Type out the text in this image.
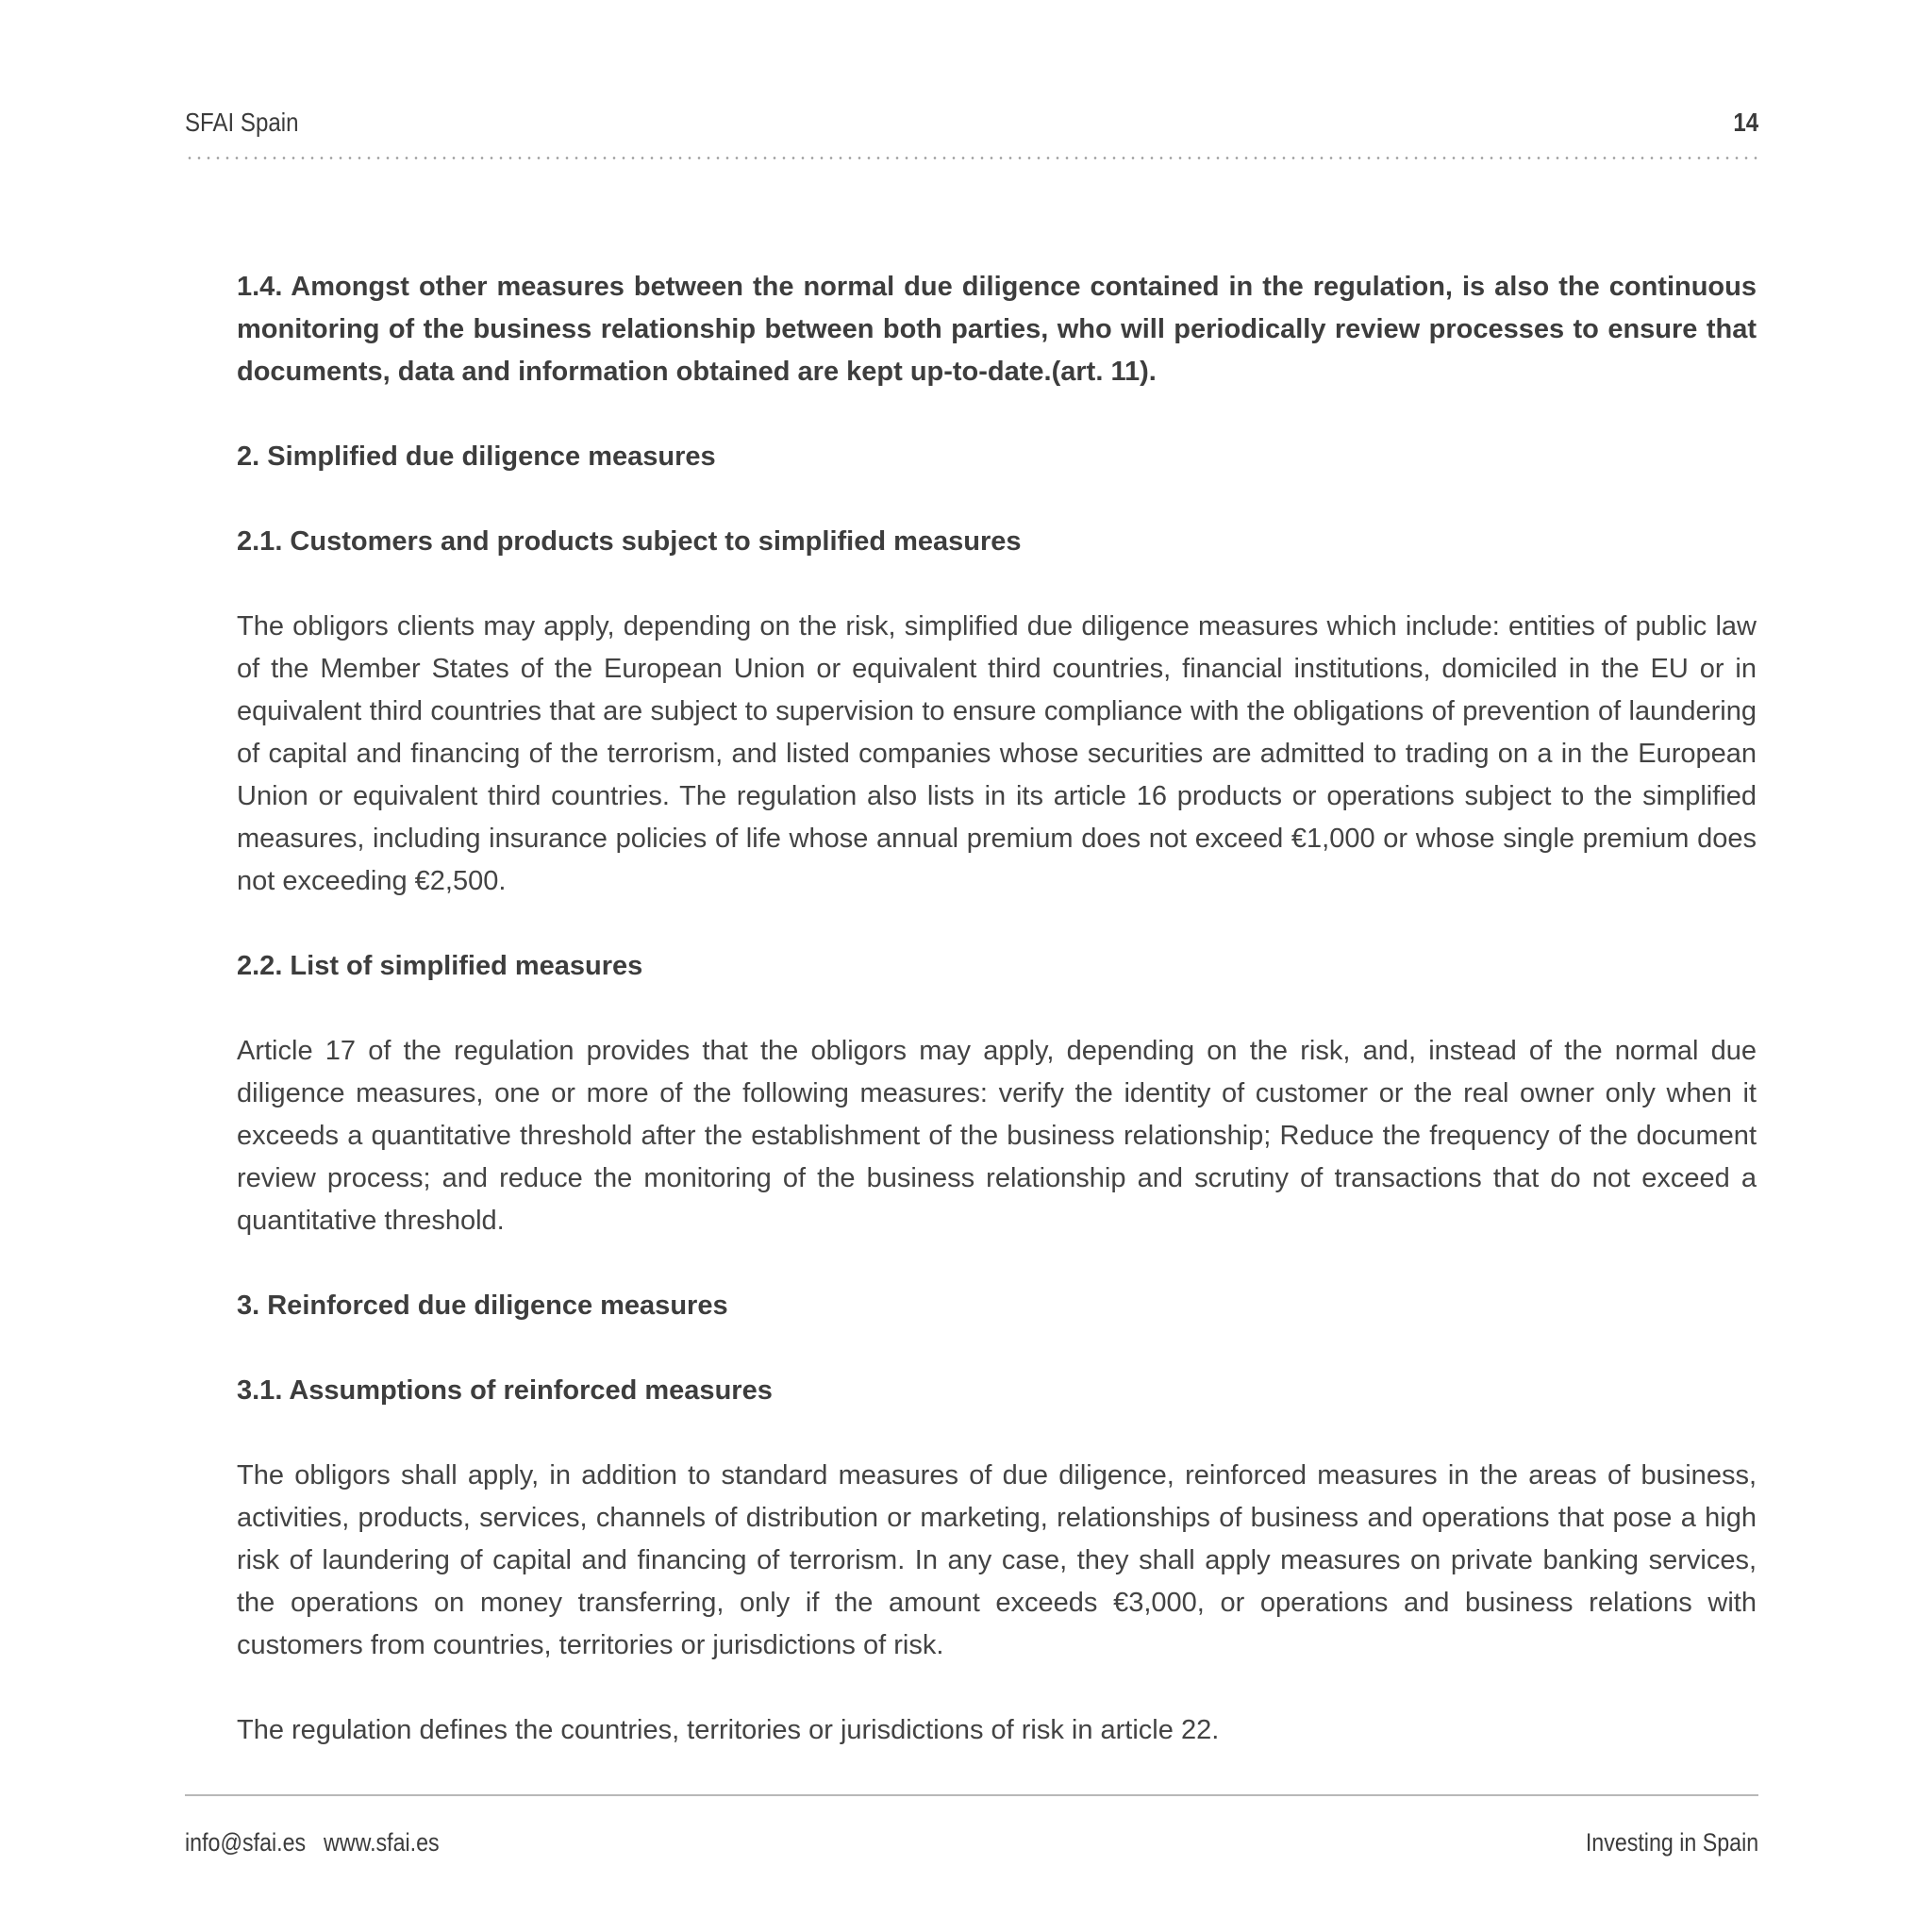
SFAI Spain	14

1.4. Amongst other measures between the normal due diligence contained in the regulation, is also the continuous monitoring of the business relationship between both parties, who will periodically review processes to ensure that documents, data and information obtained are kept up-to-date.(art. 11).

2. Simplified due diligence measures

2.1. Customers and products subject to simplified measures

The obligors clients may apply, depending on the risk, simplified due diligence measures which include: entities of public law of the Member States of the European Union or equivalent third countries, financial institutions, domiciled in the EU or in equivalent third countries that are subject to supervision to ensure compliance with the obligations of prevention of laundering of capital and financing of the terrorism, and listed companies whose securities are admitted to trading on a in the European Union or equivalent third countries. The regulation also lists in its article 16 products or operations subject to the simplified measures, including insurance policies of life whose annual premium does not exceed €1,000 or whose single premium does not exceeding €2,500.

2.2. List of simplified measures

Article 17 of the regulation provides that the obligors may apply, depending on the risk, and, instead of the normal due diligence measures, one or more of the following measures: verify the identity of customer or the real owner only when it exceeds a quantitative threshold after the establishment of the business relationship; Reduce the frequency of the document review process; and reduce the monitoring of the business relationship and scrutiny of transactions that do not exceed a quantitative threshold.

3. Reinforced due diligence measures

3.1. Assumptions of reinforced measures

The obligors shall apply, in addition to standard measures of due diligence, reinforced measures in the areas of business, activities, products, services, channels of distribution or marketing, relationships of business and operations that pose a high risk of laundering of capital and financing of terrorism. In any case, they shall apply measures on private banking services, the operations on money transferring, only if the amount exceeds €3,000, or operations and business relations with customers from countries, territories or jurisdictions of risk.

The regulation defines the countries, territories or jurisdictions of risk in article 22.

info@sfai.es www.sfai.es	Investing in Spain
